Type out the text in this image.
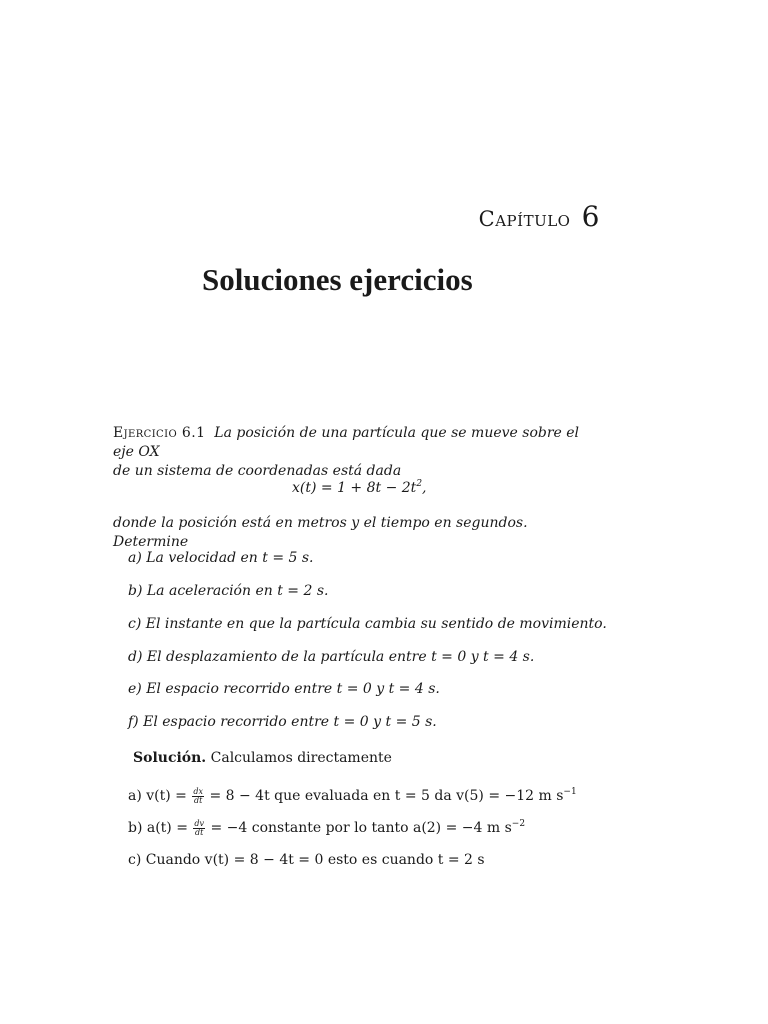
Capítulo 6
Soluciones ejercicios
Ejercicio 6.1 La posición de una partícula que se mueve sobre el eje OX
de un sistema de coordenadas está dada
$x(t) = 1 + 8t - 2t^2$,
donde la posición está en metros y el tiempo en segundos. Determine
a) La velocidad en t = 5 s.
b) La aceleración en t = 2 s.
c) El instante en que la partícula cambia su sentido de movimiento.
d) El desplazamiento de la partícula entre t = 0 y t = 4 s.
e) El espacio recorrido entre t = 0 y t = 4 s.
f) El espacio recorrido entre t = 0 y t = 5 s.
Solución. Calculamos directamente
a) $v(t) = \frac{dx}{dt} = 8 - 4t$ que evaluada en t = 5 da v(5) = −12 m $s^{-1}$
b) $a(t) = \frac{dv}{dt} = -4$ constante por lo tanto a(2) = −4 m $s^{-2}$
c) Cuando v(t) = 8 − 4t = 0 esto es cuando t = 2 s
